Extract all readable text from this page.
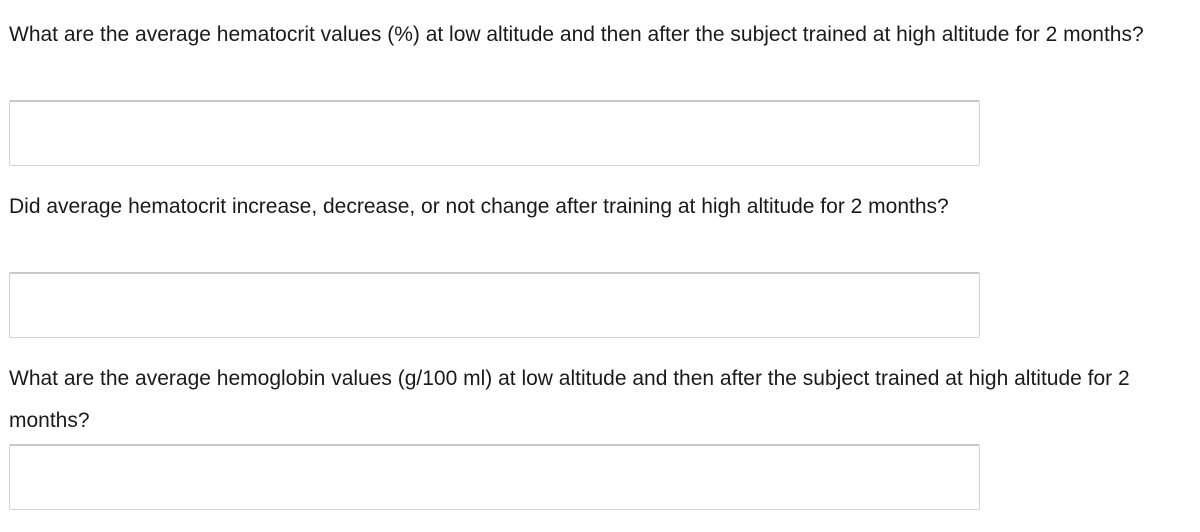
What are the average hematocrit values (%) at low altitude and then after the subject trained at high altitude for 2 months?

Did average hematocrit increase, decrease, or not change after training at high altitude for 2 months?

What are the average hemoglobin values (g/100 ml) at low altitude and then after the subject trained at high altitude for 2 months?
